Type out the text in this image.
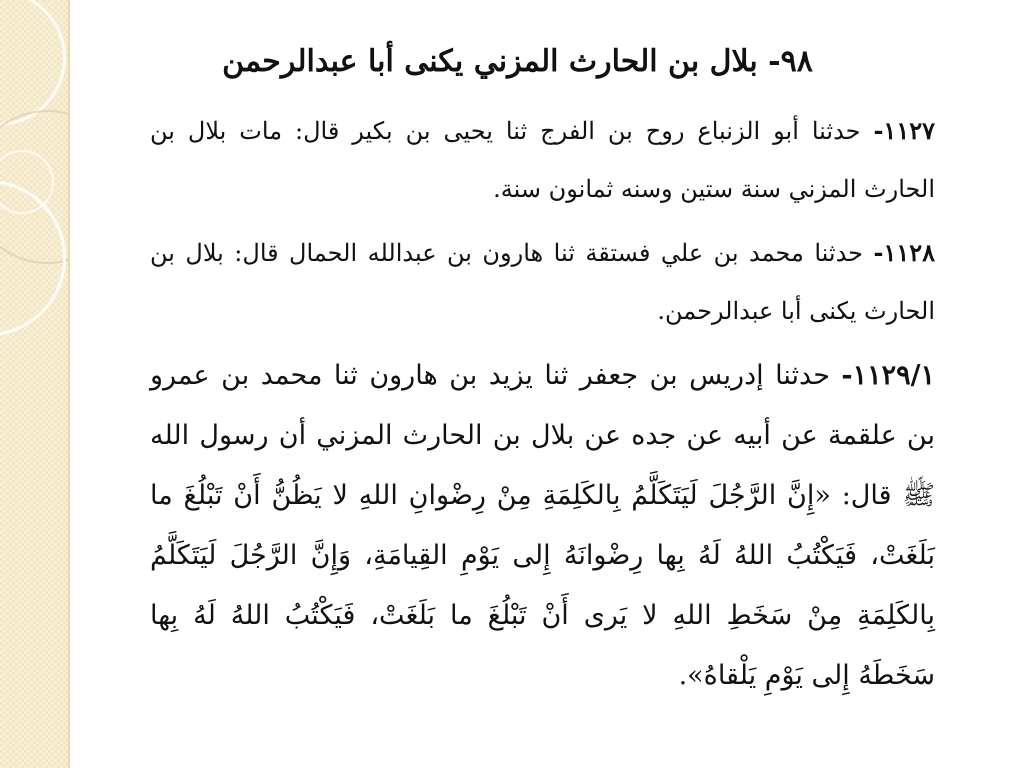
٩٨- بلال بن الحارث المزني يكنى أبا عبدالرحمن

١١٢٧- حدثنا أبو الزنباع روح بن الفرج ثنا يحيى بن بكير قال: مات بلال بن الحارث المزني سنة ستين وسنه ثمانون سنة.

١١٢٨- حدثنا محمد بن علي فستقة ثنا هارون بن عبدالله الحمال قال: بلال بن الحارث يكنى أبا عبدالرحمن.

١١٢٩/١- حدثنا إدريس بن جعفر ثنا يزيد بن هارون ثنا محمد بن عمرو بن علقمة عن أبيه عن جده عن بلال بن الحارث المزني أن رسول الله ﷺ قال: «إِنَّ الرَّجُلَ لَيَتَكَلَّمُ بِالكَلِمَةِ مِنْ رِضْوانِ اللهِ لا يَظُنُّ أَنْ تَبْلُغَ ما بَلَغَتْ، فَيَكْتُبُ اللهُ لَهُ بِها رِضْوانَهُ إِلى يَوْمِ القِيامَةِ، وَإِنَّ الرَّجُلَ لَيَتَكَلَّمُ بِالكَلِمَةِ مِنْ سَخَطِ اللهِ لا يَرى أَنْ تَبْلُغَ ما بَلَغَتْ، فَيَكْتُبُ اللهُ لَهُ بِها سَخَطَهُ إِلى يَوْمِ يَلْقاهُ».
